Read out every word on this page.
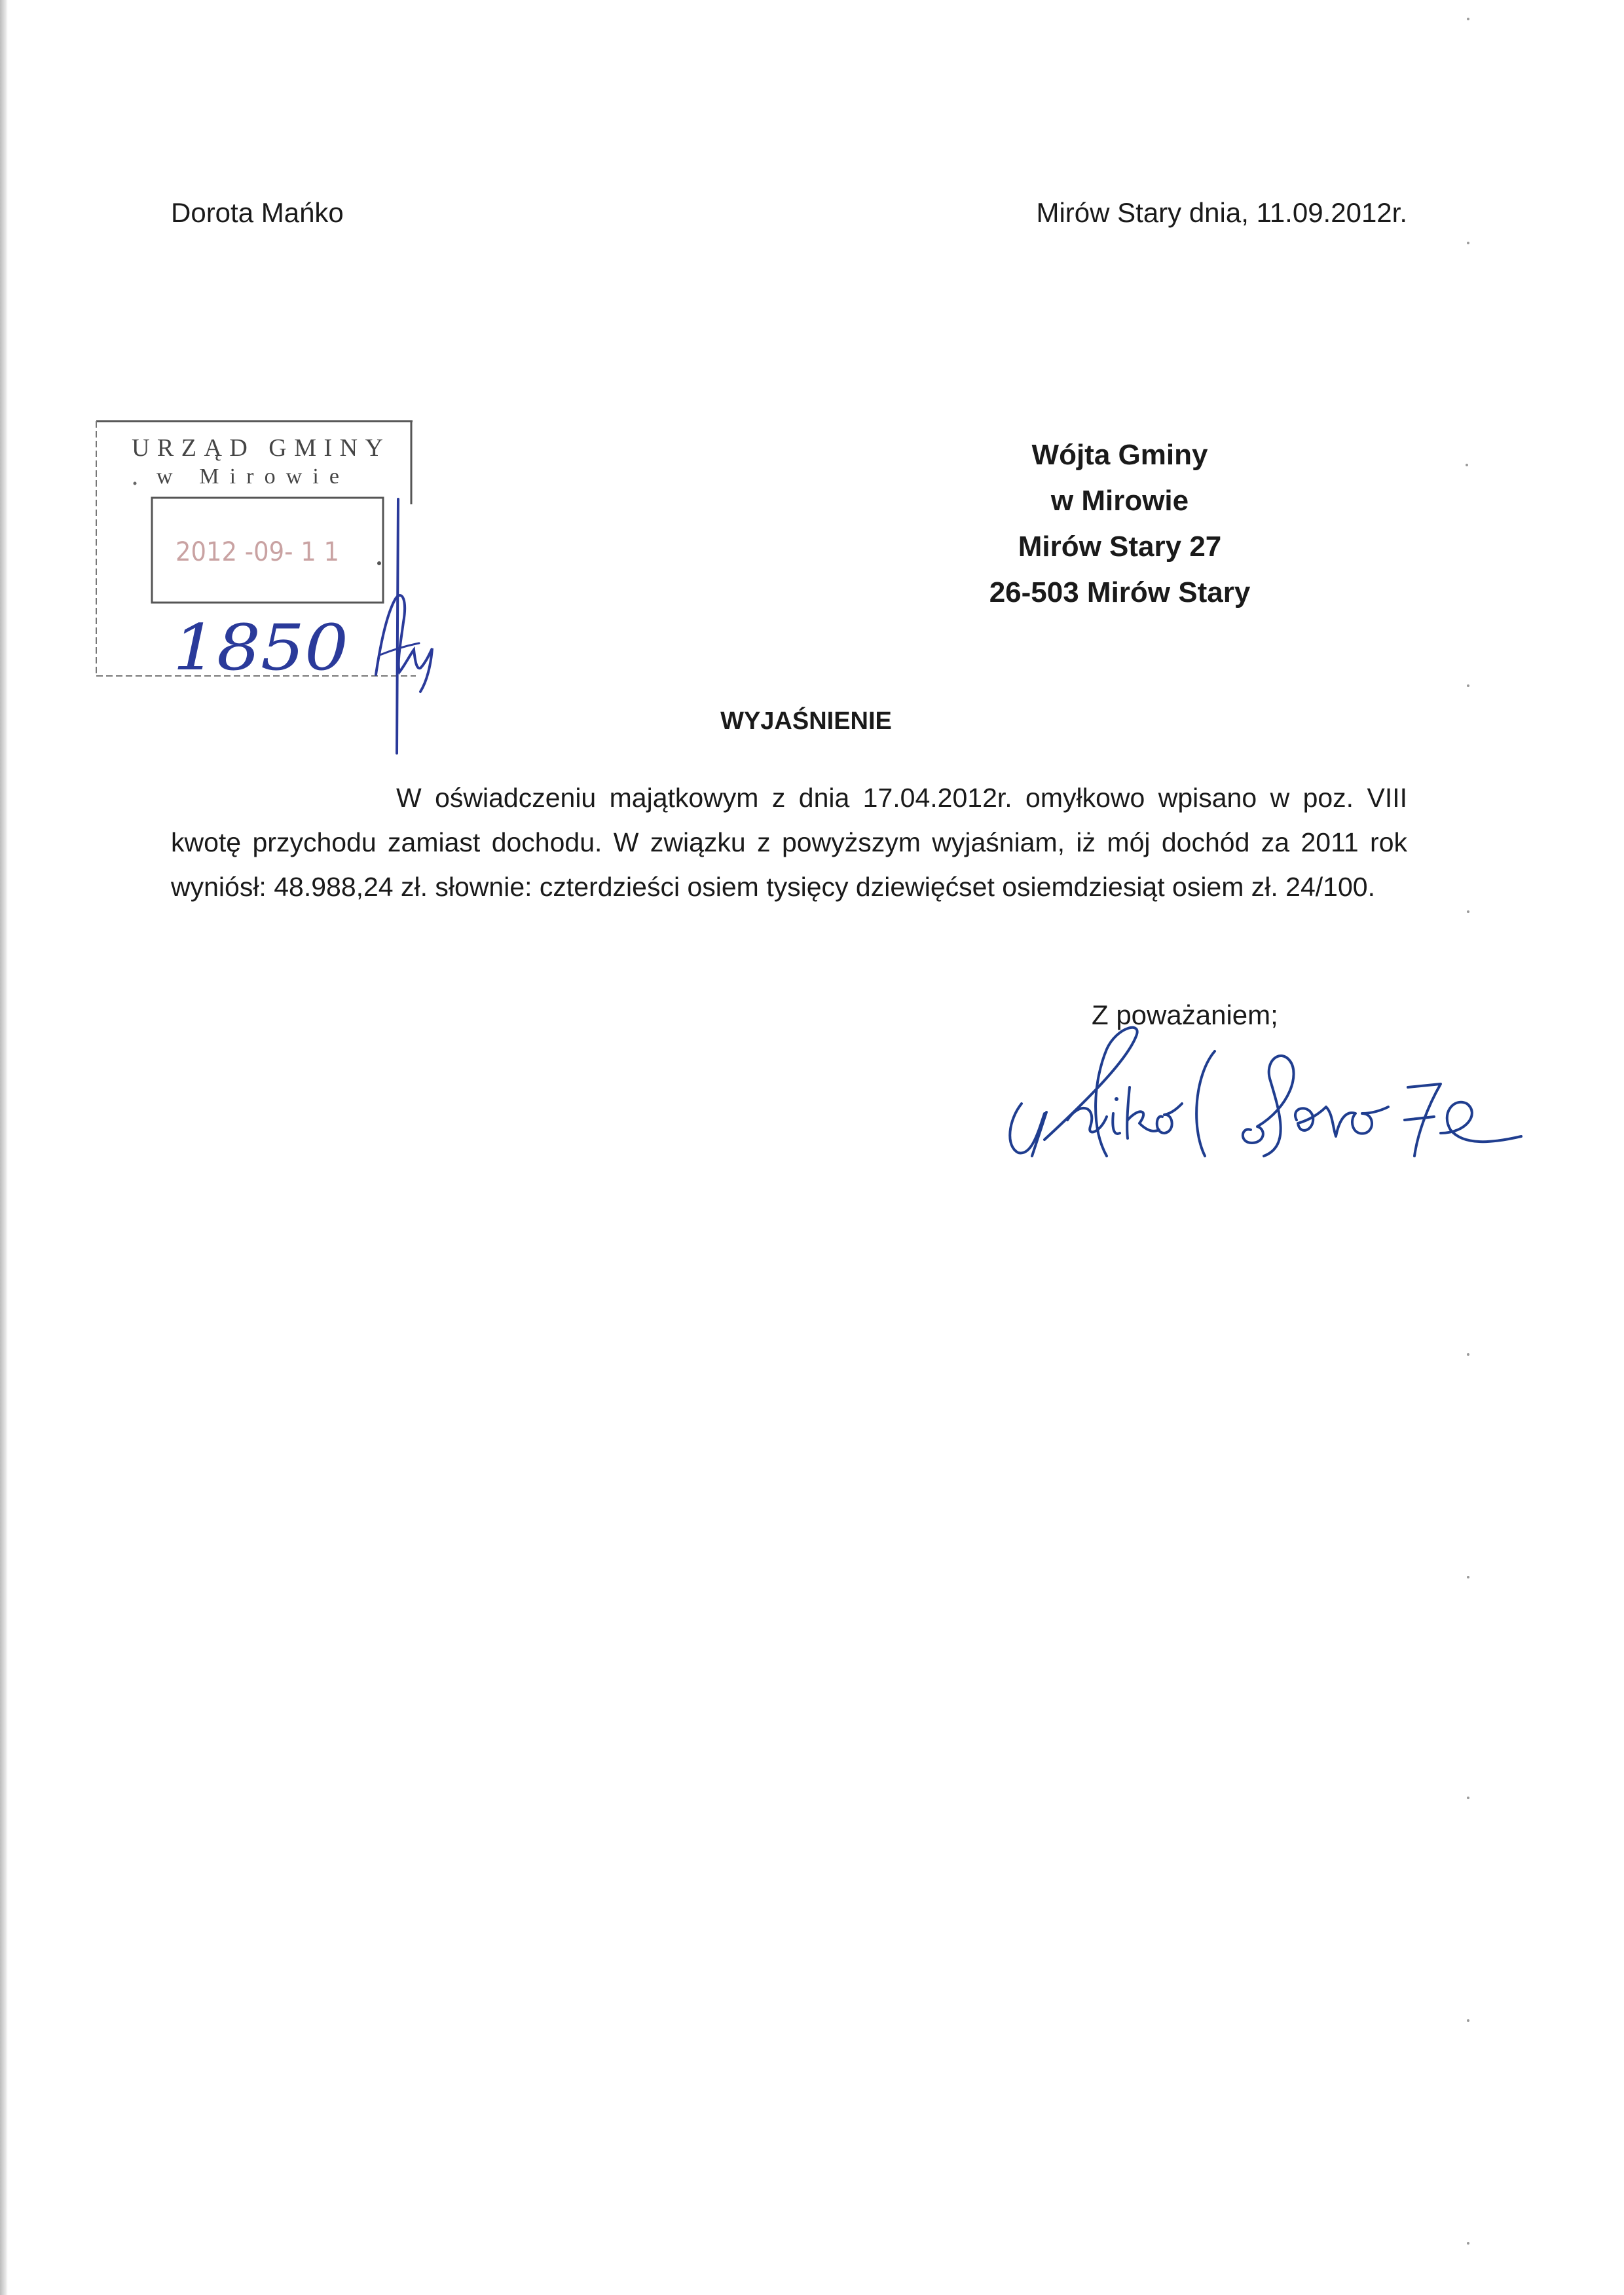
Dorota Mańko	Mirów Stary dnia, 11.09.2012r.
URZĄD GMINY
w Mirowie
2012 -09- 1 1
1850
Wójta Gminy
w Mirowie
Mirów Stary 27
26-503 Mirów Stary
WYJAŚNIENIE
W oświadczeniu majątkowym z dnia 17.04.2012r. omyłkowo wpisano w poz. VIII
kwotę przychodu zamiast dochodu. W związku z powyższym wyjaśniam, iż mój dochód za 2011 rok
wyniósł: 48.988,24 zł. słownie: czterdzieści osiem tysięcy dziewięćset osiemdziesiąt osiem zł. 24/100.
Z poważaniem;
